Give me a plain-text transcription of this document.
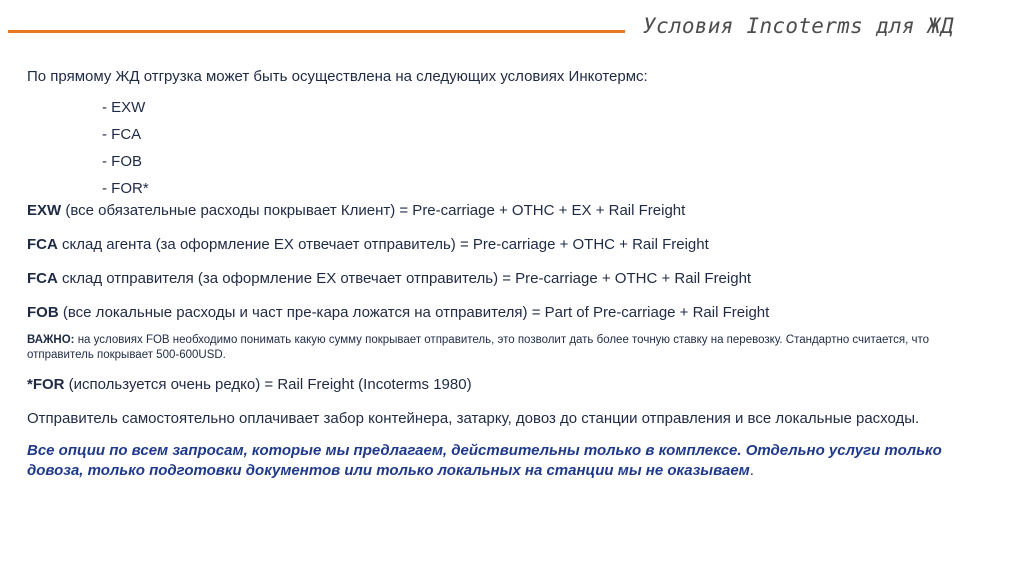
Условия Incoterms для ЖД

По прямому ЖД отгрузка может быть осуществлена на следующих условиях Инкотермс:

- EXW
- FCA
- FOB
- FOR*

EXW (все обязательные расходы покрывает Клиент) = Pre-carriage + OTHC + EX + Rail Freight

FCA склад агента (за оформление EX отвечает отправитель) = Pre-carriage + OTHC + Rail Freight

FCA склад отправителя (за оформление EX отвечает отправитель) = Pre-carriage + OTHC + Rail Freight

FOB (все локальные расходы и част пре-кара ложатся на отправителя) = Part of Pre-carriage + Rail Freight

ВАЖНО: на условиях FOB необходимо понимать какую сумму покрывает отправитель, это позволит дать более точную ставку на перевозку. Стандартно считается, что отправитель покрывает 500-600USD.

*FOR (используется очень редко) = Rail Freight (Incoterms 1980)

Отправитель самостоятельно оплачивает забор контейнера, затарку, довоз до станции отправления и все локальные расходы.

Все опции по всем запросам, которые мы предлагаем, действительны только в комплексе. Отдельно услуги только довоза, только подготовки документов или только локальных на станции мы не оказываем.
